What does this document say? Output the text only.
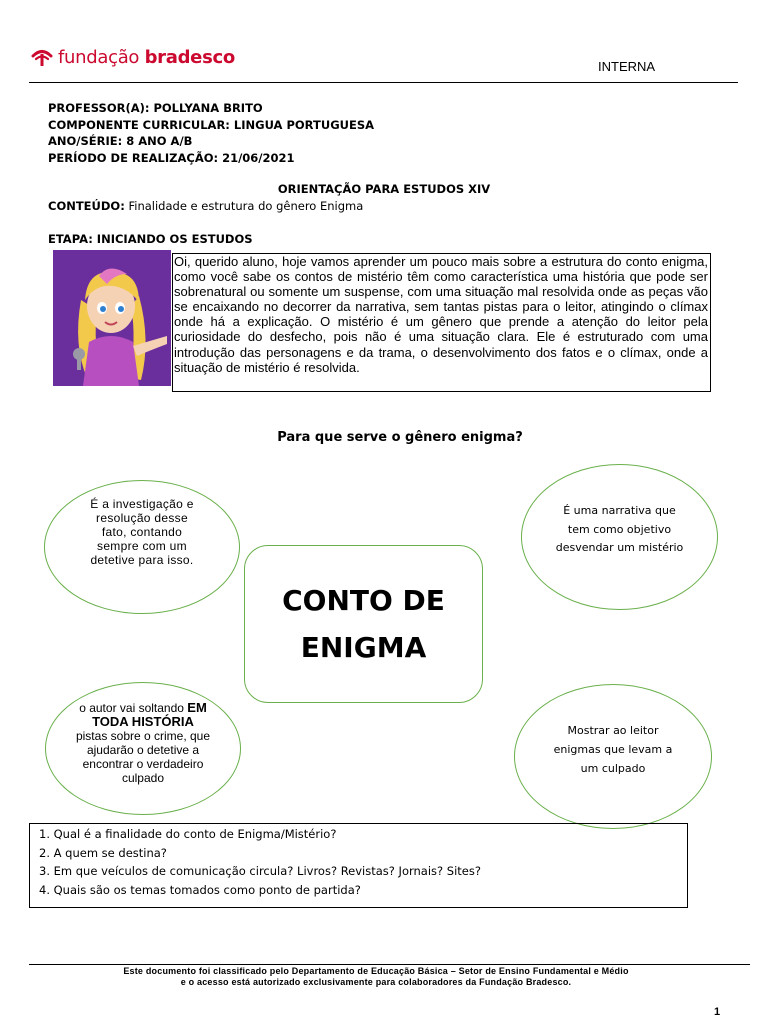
fundação bradesco	INTERNA
PROFESSOR(A): POLLYANA BRITO
COMPONENTE CURRICULAR: LINGUA PORTUGUESA
ANO/SÉRIE: 8 ANO A/B
PERÍODO DE REALIZAÇÃO: 21/06/2021
ORIENTAÇÃO PARA ESTUDOS XIV
CONTEÚDO: Finalidade e estrutura do gênero Enigma
ETAPA: INICIANDO OS ESTUDOS
Oi, querido aluno, hoje vamos aprender um pouco mais sobre a estrutura do conto enigma, como você sabe os contos de mistério têm como característica uma história que pode ser sobrenatural ou somente um suspense, com uma situação mal resolvida onde as peças vão se encaixando no decorrer da narrativa, sem tantas pistas para o leitor, atingindo o clímax onde há a explicação. O mistério é um gênero que prende a atenção do leitor pela curiosidade do desfecho, pois não é uma situação clara. Ele é estruturado com uma introdução das personagens e da trama, o desenvolvimento dos fatos e o clímax, onde a situação de mistério é resolvida.
Para que serve o gênero enigma?
É a investigação e resolução desse fato, contando sempre com um detetive para isso.
É uma narrativa que tem como objetivo desvendar um mistério
CONTO DE
ENIGMA
o autor vai soltando EM TODA HISTÓRIA pistas sobre o crime, que ajudarão o detetive a encontrar o verdadeiro culpado
Mostrar ao leitor enigmas que levam a um culpado
1. Qual é a finalidade do conto de Enigma/Mistério?
2. A quem se destina?
3. Em que veículos de comunicação circula? Livros? Revistas? Jornais? Sites?
4. Quais são os temas tomados como ponto de partida?
Este documento foi classificado pelo Departamento de Educação Básica – Setor de Ensino Fundamental e Médio
e o acesso está autorizado exclusivamente para colaboradores da Fundação Bradesco.
1
